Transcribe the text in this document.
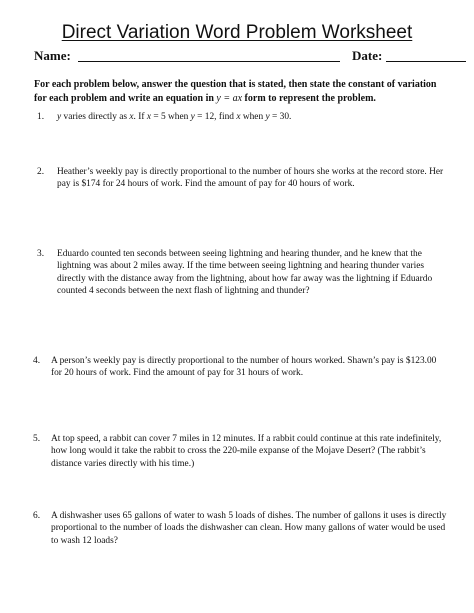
Direct Variation Word Problem Worksheet
Name:	Date:
For each problem below, answer the question that is stated, then state the constant of variation for each problem and write an equation in y = ax form to represent the problem.
1. y varies directly as x. If x = 5 when y = 12, find x when y = 30.
2. Heather’s weekly pay is directly proportional to the number of hours she works at the record store. Her pay is $174 for 24 hours of work. Find the amount of pay for 40 hours of work.
3. Eduardo counted ten seconds between seeing lightning and hearing thunder, and he knew that the lightning was about 2 miles away. If the time between seeing lightning and hearing thunder varies directly with the distance away from the lightning, about how far away was the lightning if Eduardo counted 4 seconds between the next flash of lightning and thunder?
4. A person’s weekly pay is directly proportional to the number of hours worked. Shawn’s pay is $123.00 for 20 hours of work. Find the amount of pay for 31 hours of work.
5. At top speed, a rabbit can cover 7 miles in 12 minutes. If a rabbit could continue at this rate indefinitely, how long would it take the rabbit to cross the 220-mile expanse of the Mojave Desert? (The rabbit’s distance varies directly with his time.)
6. A dishwasher uses 65 gallons of water to wash 5 loads of dishes. The number of gallons it uses is directly proportional to the number of loads the dishwasher can clean. How many gallons of water would be used to wash 12 loads?
